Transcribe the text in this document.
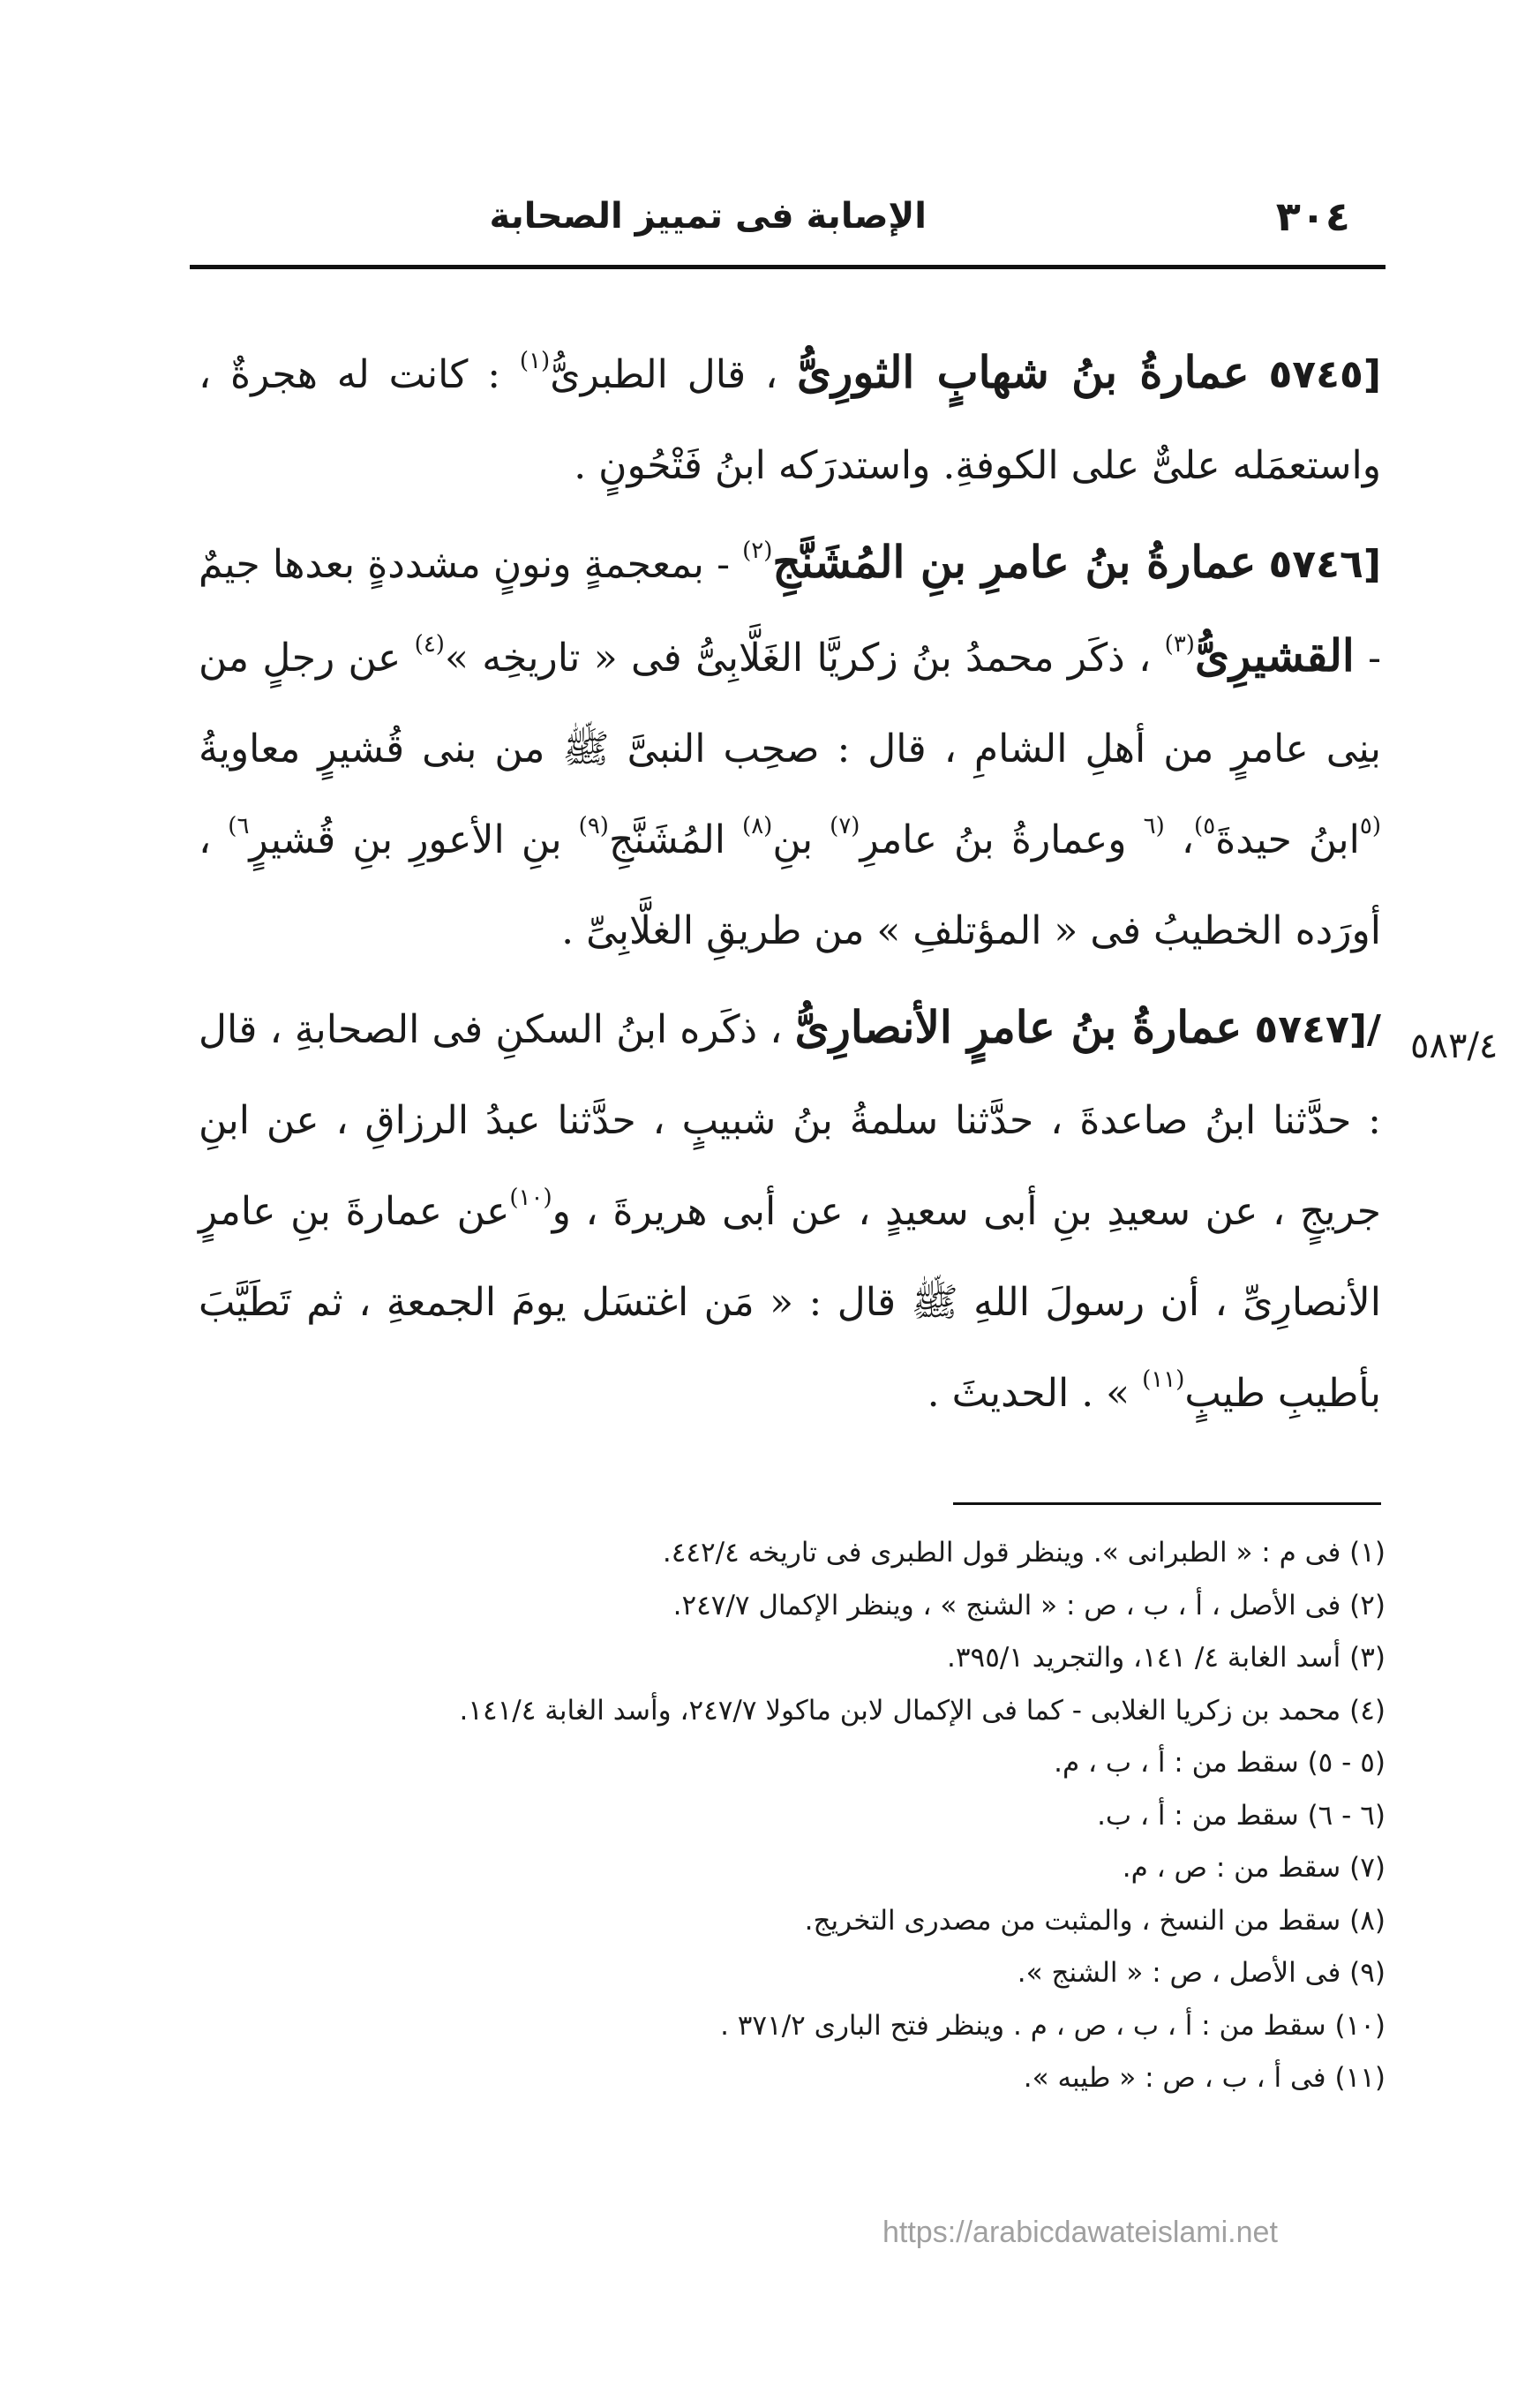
٣٠٤
الإصابة فى تمييز الصحابة
٥٨٣/٤

[٥٧٤٥ عمارةُ بنُ شهابٍ الثورِىُّ ، قال الطبرىُّ$^{(١)}$ : كانت له هجرةٌ ، واستعمَله علىٌّ على الكوفةِ. واستدرَكه ابنُ فَتْحُونٍ .

[٥٧٤٦ عمارةُ بنُ عامرِ بنِ المُشَنَّجِ$^{(٢)}$ - بمعجمةٍ ونونٍ مشددةٍ بعدها جيمٌ - القشيرِىُّ$^{(٣)}$ ، ذكَر محمدُ بنُ زكريَّا الغَلَّابِىُّ فى « تاريخِه »$^{(٤)}$ عن رجلٍ من بنِى عامرٍ من أهلِ الشامِ ، قال : صحِب النبىَّ ﷺ من بنى قُشيرٍ معاويةُ $^{(٥}$ابنُ حيدةَ$^{٥)}$، $^{(٦}$ وعمارةُ بنُ عامرِ$^{(٧)}$ بنِ$^{(٨)}$ المُشَنَّجِ$^{(٩)}$ بنِ الأعورِ بنِ قُشيرٍ$^{٦)}$ ، أورَده الخطيبُ فى « المؤتلفِ » من طريقِ الغلَّابِىِّ .

/[٥٧٤٧ عمارةُ بنُ عامرٍ الأنصارِىُّ ، ذكَره ابنُ السكنِ فى الصحابةِ ، قال : حدَّثنا ابنُ صاعدةَ ، حدَّثنا سلمةُ بنُ شبيبٍ ، حدَّثنا عبدُ الرزاقِ ، عن ابنِ جريجٍ ، عن سعيدِ بنِ أبى سعيدٍ ، عن أبى هريرةَ ، و$^{(١٠)}$عن عمارةَ بنِ عامرٍ الأنصارِىِّ ، أن رسولَ اللهِ ﷺ قال : « مَن اغتسَل يومَ الجمعةِ ، ثم تَطَيَّبَ بأطيبِ طيبٍ$^{(١١)}$ » . الحديثَ .

(١) فى م : « الطبرانى ». وينظر قول الطبرى فى تاريخه ٤٤٢/٤.
(٢) فى الأصل ، أ ، ب ، ص : « الشنج » ، وينظر الإكمال ٢٤٧/٧.
(٣) أسد الغابة ٤/ ١٤١، والتجريد ٣٩٥/١.
(٤) محمد بن زكريا الغلابى - كما فى الإكمال لابن ماكولا ٢٤٧/٧، وأسد الغابة ١٤١/٤.
(٥ - ٥) سقط من : أ ، ب ، م.
(٦ - ٦) سقط من : أ ، ب.
(٧) سقط من : ص ، م.
(٨) سقط من النسخ ، والمثبت من مصدرى التخريج.
(٩) فى الأصل ، ص : « الشنج ».
(١٠) سقط من : أ ، ب ، ص ، م . وينظر فتح البارى ٣٧١/٢ .
(١١) فى أ ، ب ، ص : « طيبه ».
https://arabicdawateislami.net
